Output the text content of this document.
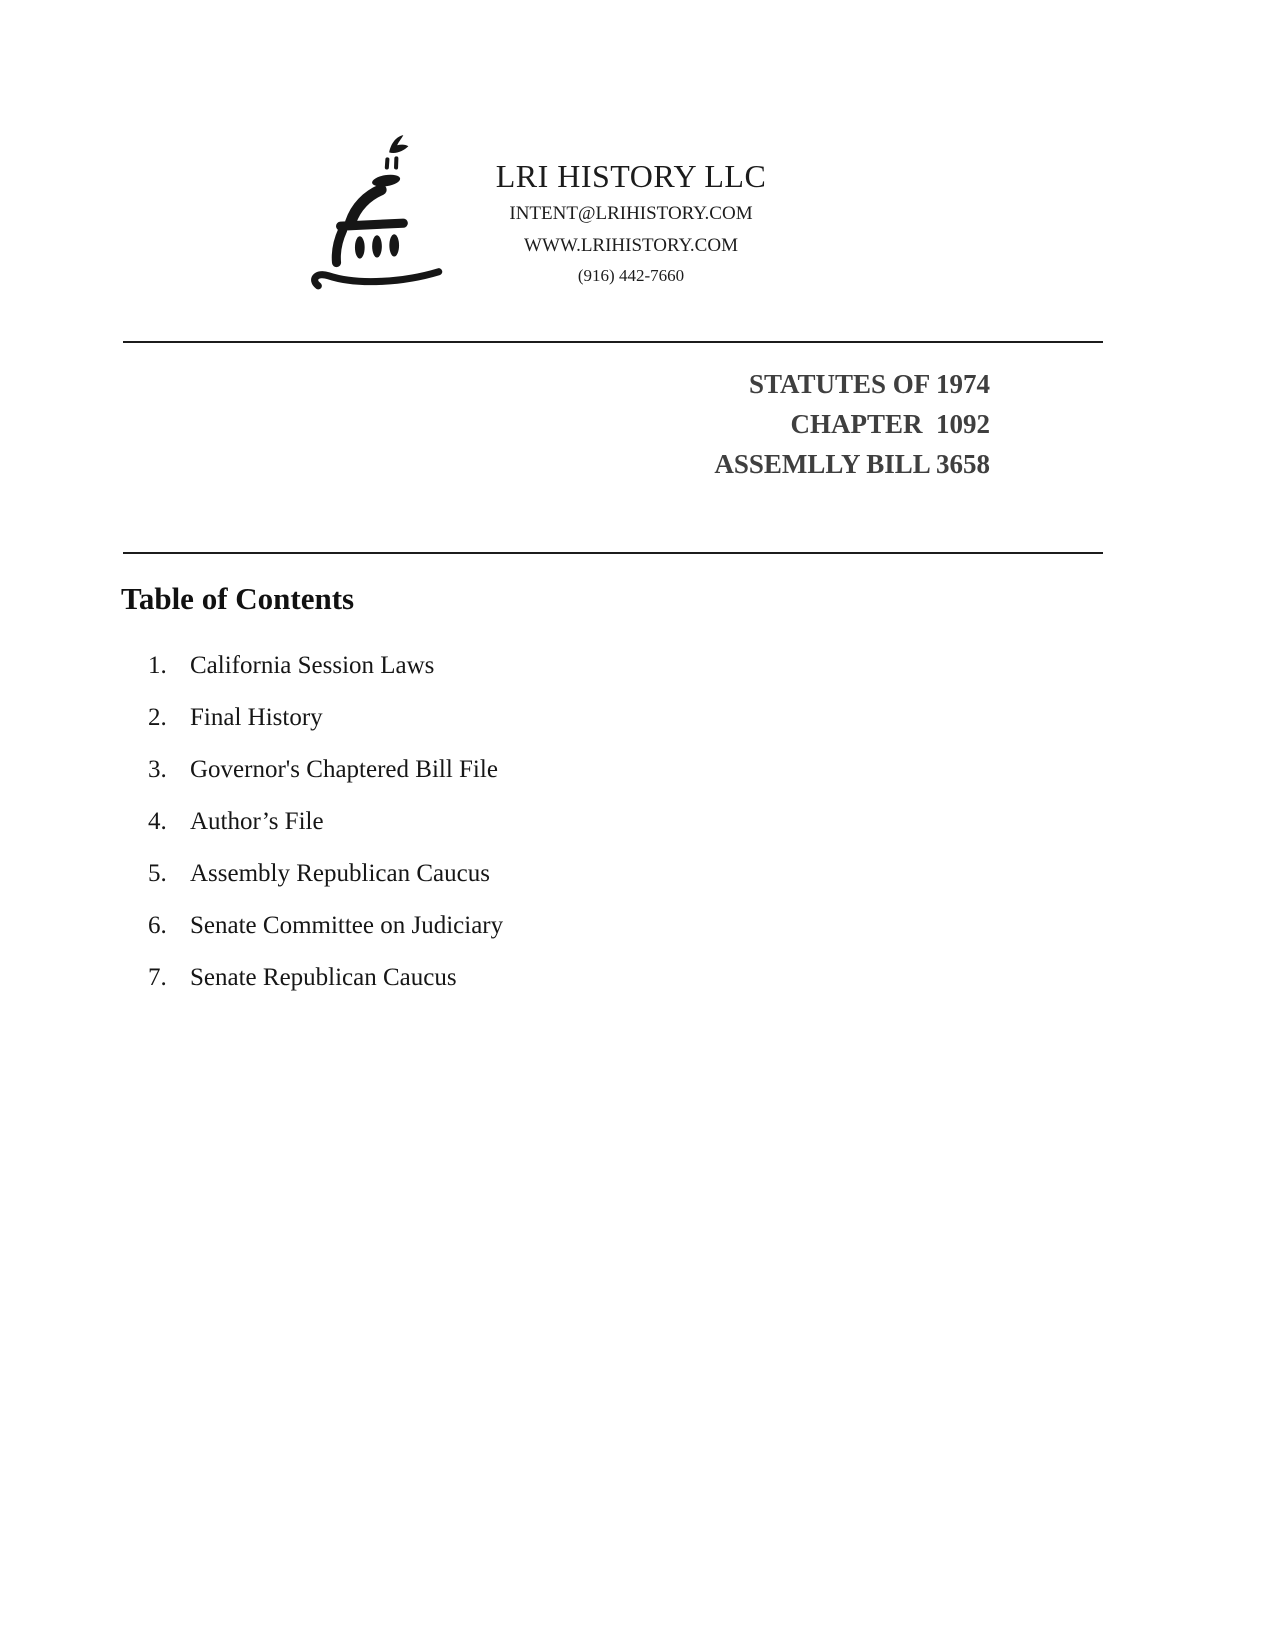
LRI HISTORY LLC
INTENT@LRIHISTORY.COM
WWW.LRIHISTORY.COM
(916) 442-7660
STATUTES OF 1974
CHAPTER  1092
ASSEMLLY BILL 3658
Table of Contents
1. California Session Laws
2. Final History
3. Governor's Chaptered Bill File
4. Author’s File
5. Assembly Republican Caucus
6. Senate Committee on Judiciary
7. Senate Republican Caucus
